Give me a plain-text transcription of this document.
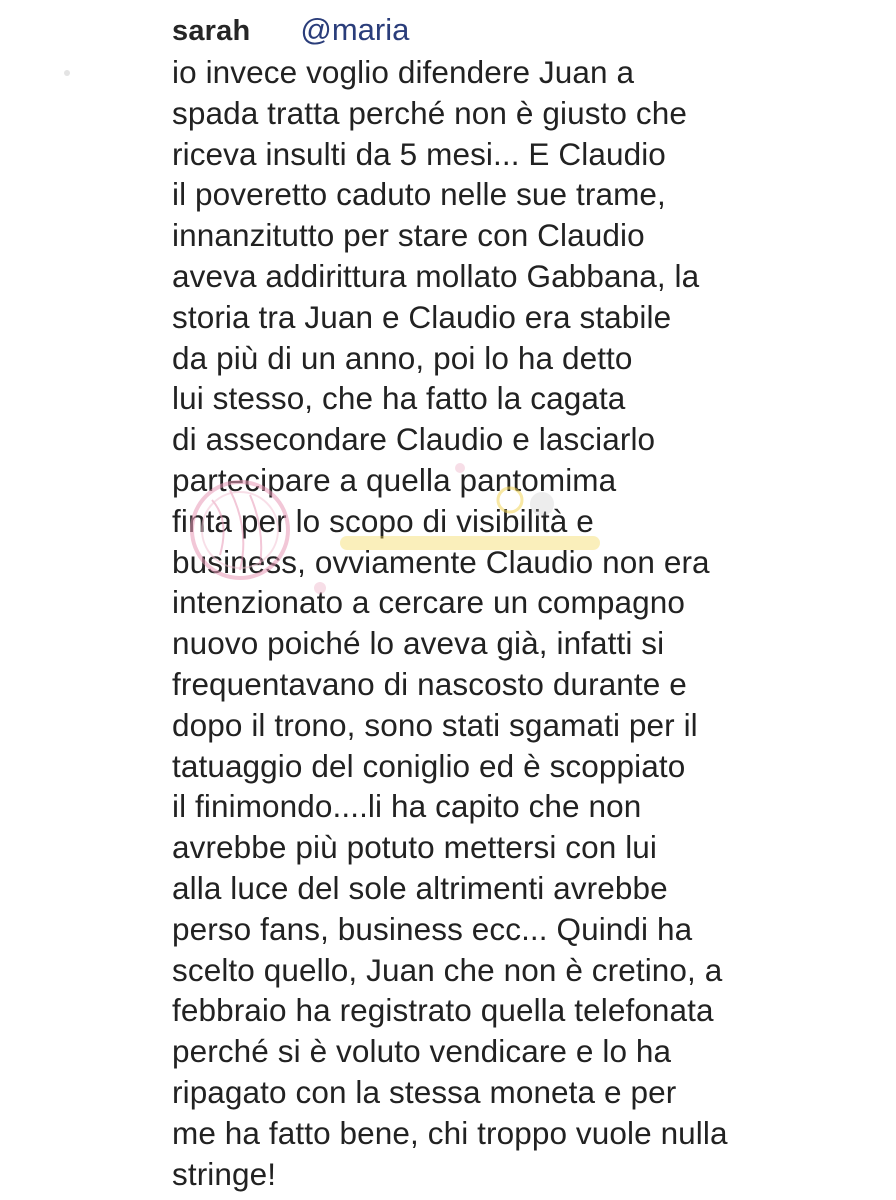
sarah @maria
io invece voglio difendere Juan a
spada tratta perché non è giusto che
riceva insulti da 5 mesi... E Claudio
il poveretto caduto nelle sue trame,
innanzitutto per stare con Claudio
aveva addirittura mollato Gabbana, la
storia tra Juan e Claudio era stabile
da più di un anno, poi lo ha detto
lui stesso, che ha fatto la cagata
di assecondare Claudio e lasciarlo
partecipare a quella pantomima
finta per lo scopo di visibilità e
business, ovviamente Claudio non era
intenzionato a cercare un compagno
nuovo poiché lo aveva già, infatti si
frequentavano di nascosto durante e
dopo il trono, sono stati sgamati per il
tatuaggio del coniglio ed è scoppiato
il finimondo....li ha capito che non
avrebbe più potuto mettersi con lui
alla luce del sole altrimenti avrebbe
perso fans, business ecc... Quindi ha
scelto quello, Juan che non è cretino, a
febbraio ha registrato quella telefonata
perché si è voluto vendicare e lo ha
ripagato con la stessa moneta e per
me ha fatto bene, chi troppo vuole nulla
stringe!
